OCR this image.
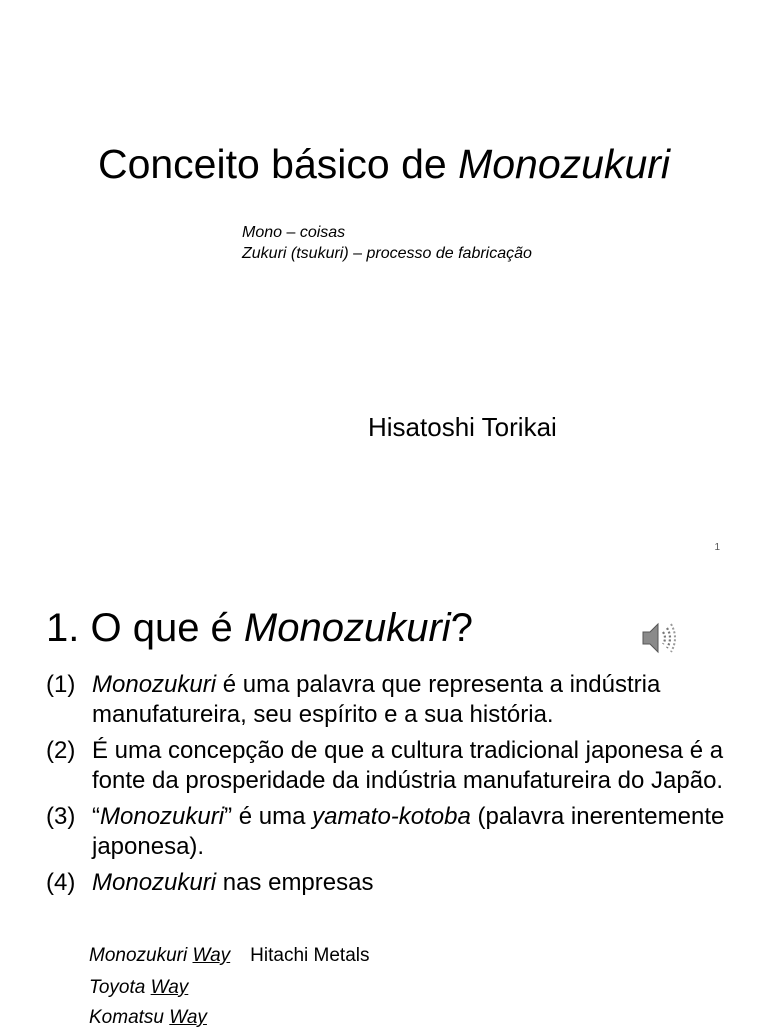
Conceito básico de Monozukuri
Mono – coisas
Zukuri (tsukuri) – processo de fabricação
Hisatoshi Torikai
1
1. O que é Monozukuri?
(1) Monozukuri é uma palavra que representa a indústria manufatureira, seu espírito e a sua história.
(2) É uma concepção de que a cultura tradicional japonesa é a fonte da prosperidade da indústria manufatureira do Japão.
(3) “Monozukuri” é uma yamato-kotoba (palavra inerentemente japonesa).
(4) Monozukuri nas empresas
Monozukuri Way Hitachi Metals
Toyota Way
Komatsu Way
